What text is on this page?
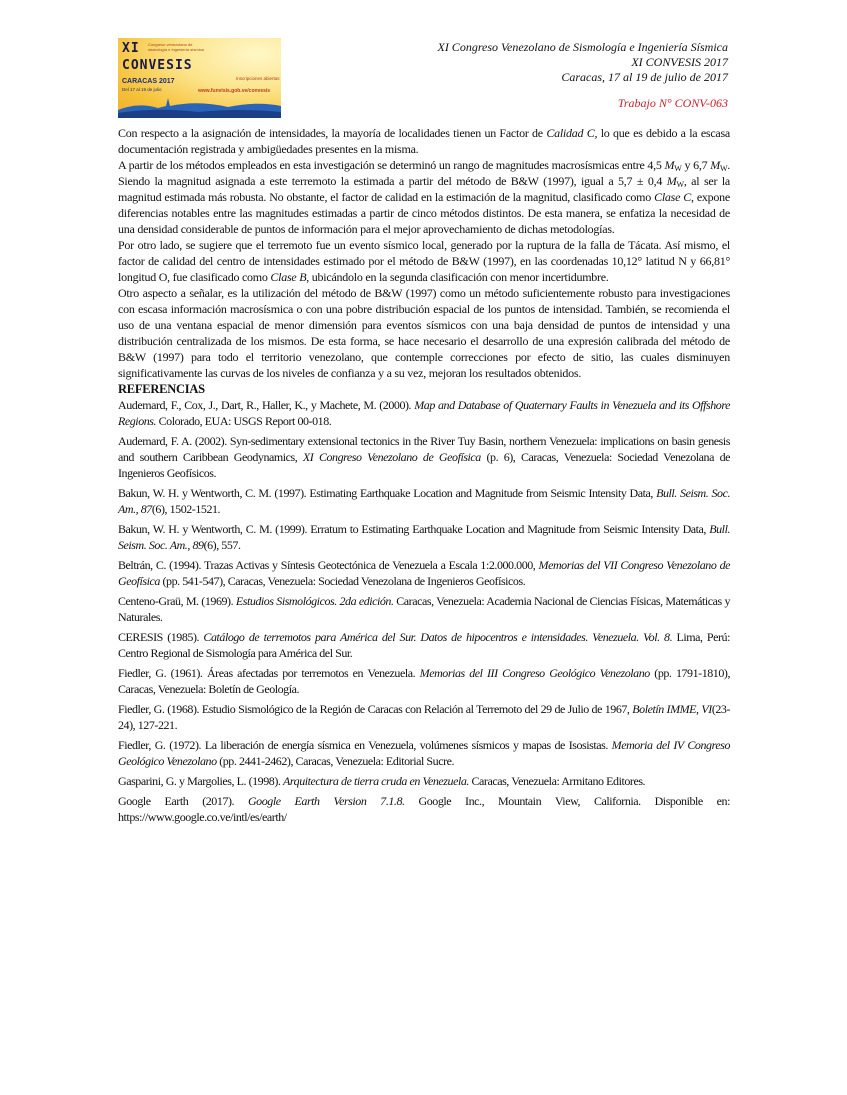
XI Congreso venezolano de sismología e ingeniería sísmica
CONVESIS
CARACAS 2017
Del 17 al 19 de julio
Inscripciones abiertas
www.funvisis.gob.ve/convesis
XI Congreso Venezolano de Sismología e Ingeniería Sísmica
XI CONVESIS 2017
Caracas, 17 al 19 de julio de 2017
Trabajo N° CONV-063

Con respecto a la asignación de intensidades, la mayoría de localidades tienen un Factor de Calidad C, lo que es debido a la escasa documentación registrada y ambigüedades presentes en la misma.

A partir de los métodos empleados en esta investigación se determinó un rango de magnitudes macrosísmicas entre 4,5 $M_W$ y 6,7 $M_W$. Siendo la magnitud asignada a este terremoto la estimada a partir del método de B&W (1997), igual a 5,7 ± 0,4 $M_W$, al ser la magnitud estimada más robusta. No obstante, el factor de calidad en la estimación de la magnitud, clasificado como Clase C, expone diferencias notables entre las magnitudes estimadas a partir de cinco métodos distintos. De esta manera, se enfatiza la necesidad de una densidad considerable de puntos de información para el mejor aprovechamiento de dichas metodologías.

Por otro lado, se sugiere que el terremoto fue un evento sísmico local, generado por la ruptura de la falla de Tácata. Así mismo, el factor de calidad del centro de intensidades estimado por el método de B&W (1997), en las coordenadas 10,12° latitud N y 66,81° longitud O, fue clasificado como Clase B, ubicándolo en la segunda clasificación con menor incertidumbre.

Otro aspecto a señalar, es la utilización del método de B&W (1997) como un método suficientemente robusto para investigaciones con escasa información macrosísmica o con una pobre distribución espacial de los puntos de intensidad. También, se recomienda el uso de una ventana espacial de menor dimensión para eventos sísmicos con una baja densidad de puntos de intensidad y una distribución centralizada de los mismos. De esta forma, se hace necesario el desarrollo de una expresión calibrada del método de B&W (1997) para todo el territorio venezolano, que contemple correcciones por efecto de sitio, las cuales disminuyen significativamente las curvas de los niveles de confianza y a su vez, mejoran los resultados obtenidos.

REFERENCIAS

Audemard, F., Cox, J., Dart, R., Haller, K., y Machete, M. (2000). Map and Database of Quaternary Faults in Venezuela and its Offshore Regions. Colorado, EUA: USGS Report 00-018.

Audemard, F. A. (2002). Syn-sedimentary extensional tectonics in the River Tuy Basin, northern Venezuela: implications on basin genesis and southern Caribbean Geodynamics, XI Congreso Venezolano de Geofísica (p. 6), Caracas, Venezuela: Sociedad Venezolana de Ingenieros Geofísicos.

Bakun, W. H. y Wentworth, C. M. (1997). Estimating Earthquake Location and Magnitude from Seismic Intensity Data, Bull. Seism. Soc. Am., 87(6), 1502-1521.

Bakun, W. H. y Wentworth, C. M. (1999). Erratum to Estimating Earthquake Location and Magnitude from Seismic Intensity Data, Bull. Seism. Soc. Am., 89(6), 557.

Beltrán, C. (1994). Trazas Activas y Síntesis Geotectónica de Venezuela a Escala 1:2.000.000, Memorias del VII Congreso Venezolano de Geofísica (pp. 541-547), Caracas, Venezuela: Sociedad Venezolana de Ingenieros Geofísicos.

Centeno-Graü, M. (1969). Estudios Sismológicos. 2da edición. Caracas, Venezuela: Academia Nacional de Ciencias Físicas, Matemáticas y Naturales.

CERESIS (1985). Catálogo de terremotos para América del Sur. Datos de hipocentros e intensidades. Venezuela. Vol. 8. Lima, Perú: Centro Regional de Sismología para América del Sur.

Fiedler, G. (1961). Áreas afectadas por terremotos en Venezuela. Memorias del III Congreso Geológico Venezolano (pp. 1791-1810), Caracas, Venezuela: Boletín de Geología.

Fiedler, G. (1968). Estudio Sismológico de la Región de Caracas con Relación al Terremoto del 29 de Julio de 1967, Boletín IMME, VI(23-24), 127-221.

Fiedler, G. (1972). La liberación de energía sísmica en Venezuela, volúmenes sísmicos y mapas de Isosistas. Memoria del IV Congreso Geológico Venezolano (pp. 2441-2462), Caracas, Venezuela: Editorial Sucre.

Gasparini, G. y Margolies, L. (1998). Arquitectura de tierra cruda en Venezuela. Caracas, Venezuela: Armitano Editores.

Google Earth (2017). Google Earth Version 7.1.8. Google Inc., Mountain View, California. Disponible en: https://www.google.co.ve/intl/es/earth/
